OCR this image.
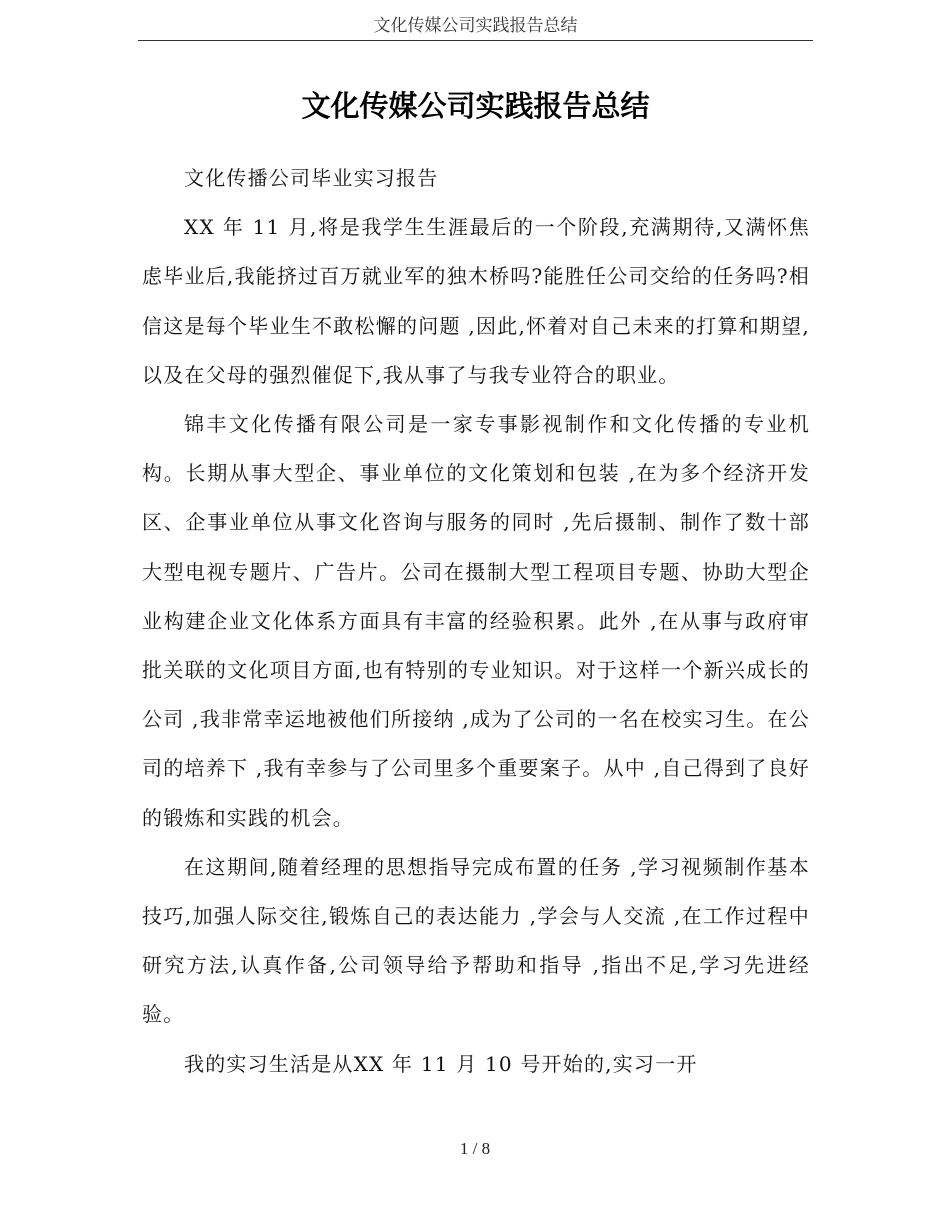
文化传媒公司实践报告总结
文化传媒公司实践报告总结

文化传播公司毕业实习报告

XX 年 11 月,将是我学生生涯最后的一个阶段,充满期待,又满怀焦虑毕业后,我能挤过百万就业军的独木桥吗?能胜任公司交给的任务吗?相信这是每个毕业生不敢松懈的问题 ,因此,怀着对自己未来的打算和期望,以及在父母的强烈催促下,我从事了与我专业符合的职业。

锦丰文化传播有限公司是一家专事影视制作和文化传播的专业机构。长期从事大型企、事业单位的文化策划和包装 ,在为多个经济开发区、企事业单位从事文化咨询与服务的同时 ,先后摄制、制作了数十部大型电视专题片、广告片。公司在摄制大型工程项目专题、协助大型企业构建企业文化体系方面具有丰富的经验积累。此外 ,在从事与政府审批关联的文化项目方面,也有特别的专业知识。对于这样一个新兴成长的公司 ,我非常幸运地被他们所接纳 ,成为了公司的一名在校实习生。在公司的培养下 ,我有幸参与了公司里多个重要案子。从中 ,自己得到了良好的锻炼和实践的机会。

在这期间,随着经理的思想指导完成布置的任务 ,学习视频制作基本技巧,加强人际交往,锻炼自己的表达能力 ,学会与人交流 ,在工作过程中研究方法,认真作备,公司领导给予帮助和指导 ,指出不足,学习先进经验。

我的实习生活是从XX 年 11 月 10 号开始的,实习一开

1 / 8
